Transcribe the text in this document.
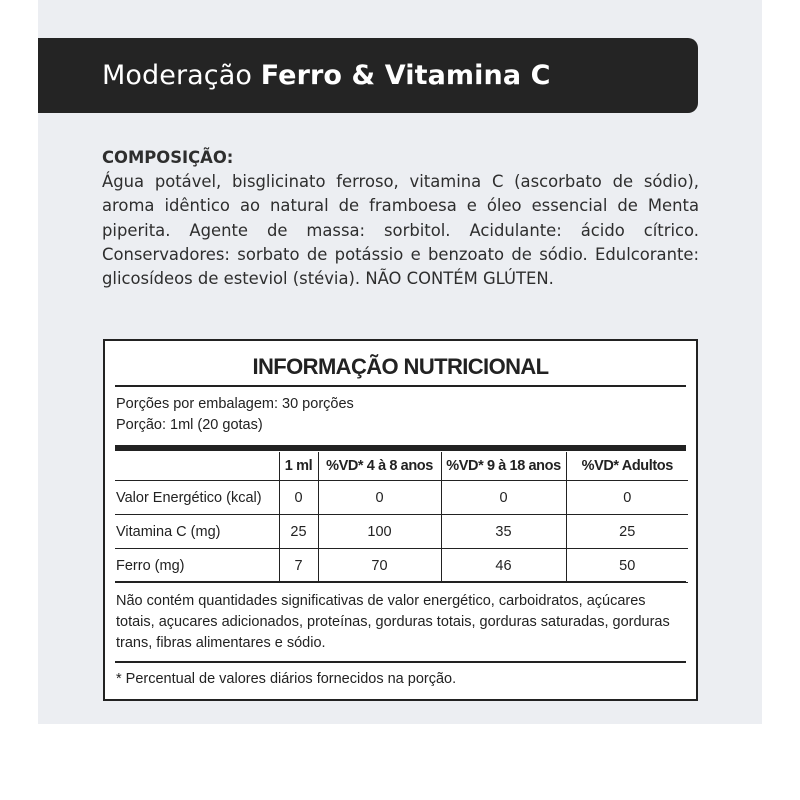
Moderação Ferro & Vitamina C
COMPOSIÇÃO:
Água potável, bisglicinato ferroso, vitamina C (ascorbato de sódio), aroma idêntico ao natural de framboesa e óleo essencial de Menta piperita. Agente de massa: sorbitol. Acidulante: ácido cítrico. Conservadores: sorbato de potássio e benzoato de sódio. Edulcorante: glicosídeos de esteviol (stévia). NÃO CONTÉM GLÚTEN.
INFORMAÇÃO NUTRICIONAL
Porções por embalagem: 30 porções
Porção: 1ml (20 gotas)
	1 ml	%VD* 4 à 8 anos	%VD* 9 à 18 anos	%VD* Adultos
Valor Energético (kcal)	0	0	0	0
Vitamina C (mg)	25	100	35	25
Ferro (mg)	7	70	46	50
Não contém quantidades significativas de valor energético, carboidratos, açúcares totais, açucares adicionados, proteínas, gorduras totais, gorduras saturadas, gorduras trans, fibras alimentares e sódio.
* Percentual de valores diários fornecidos na porção.
